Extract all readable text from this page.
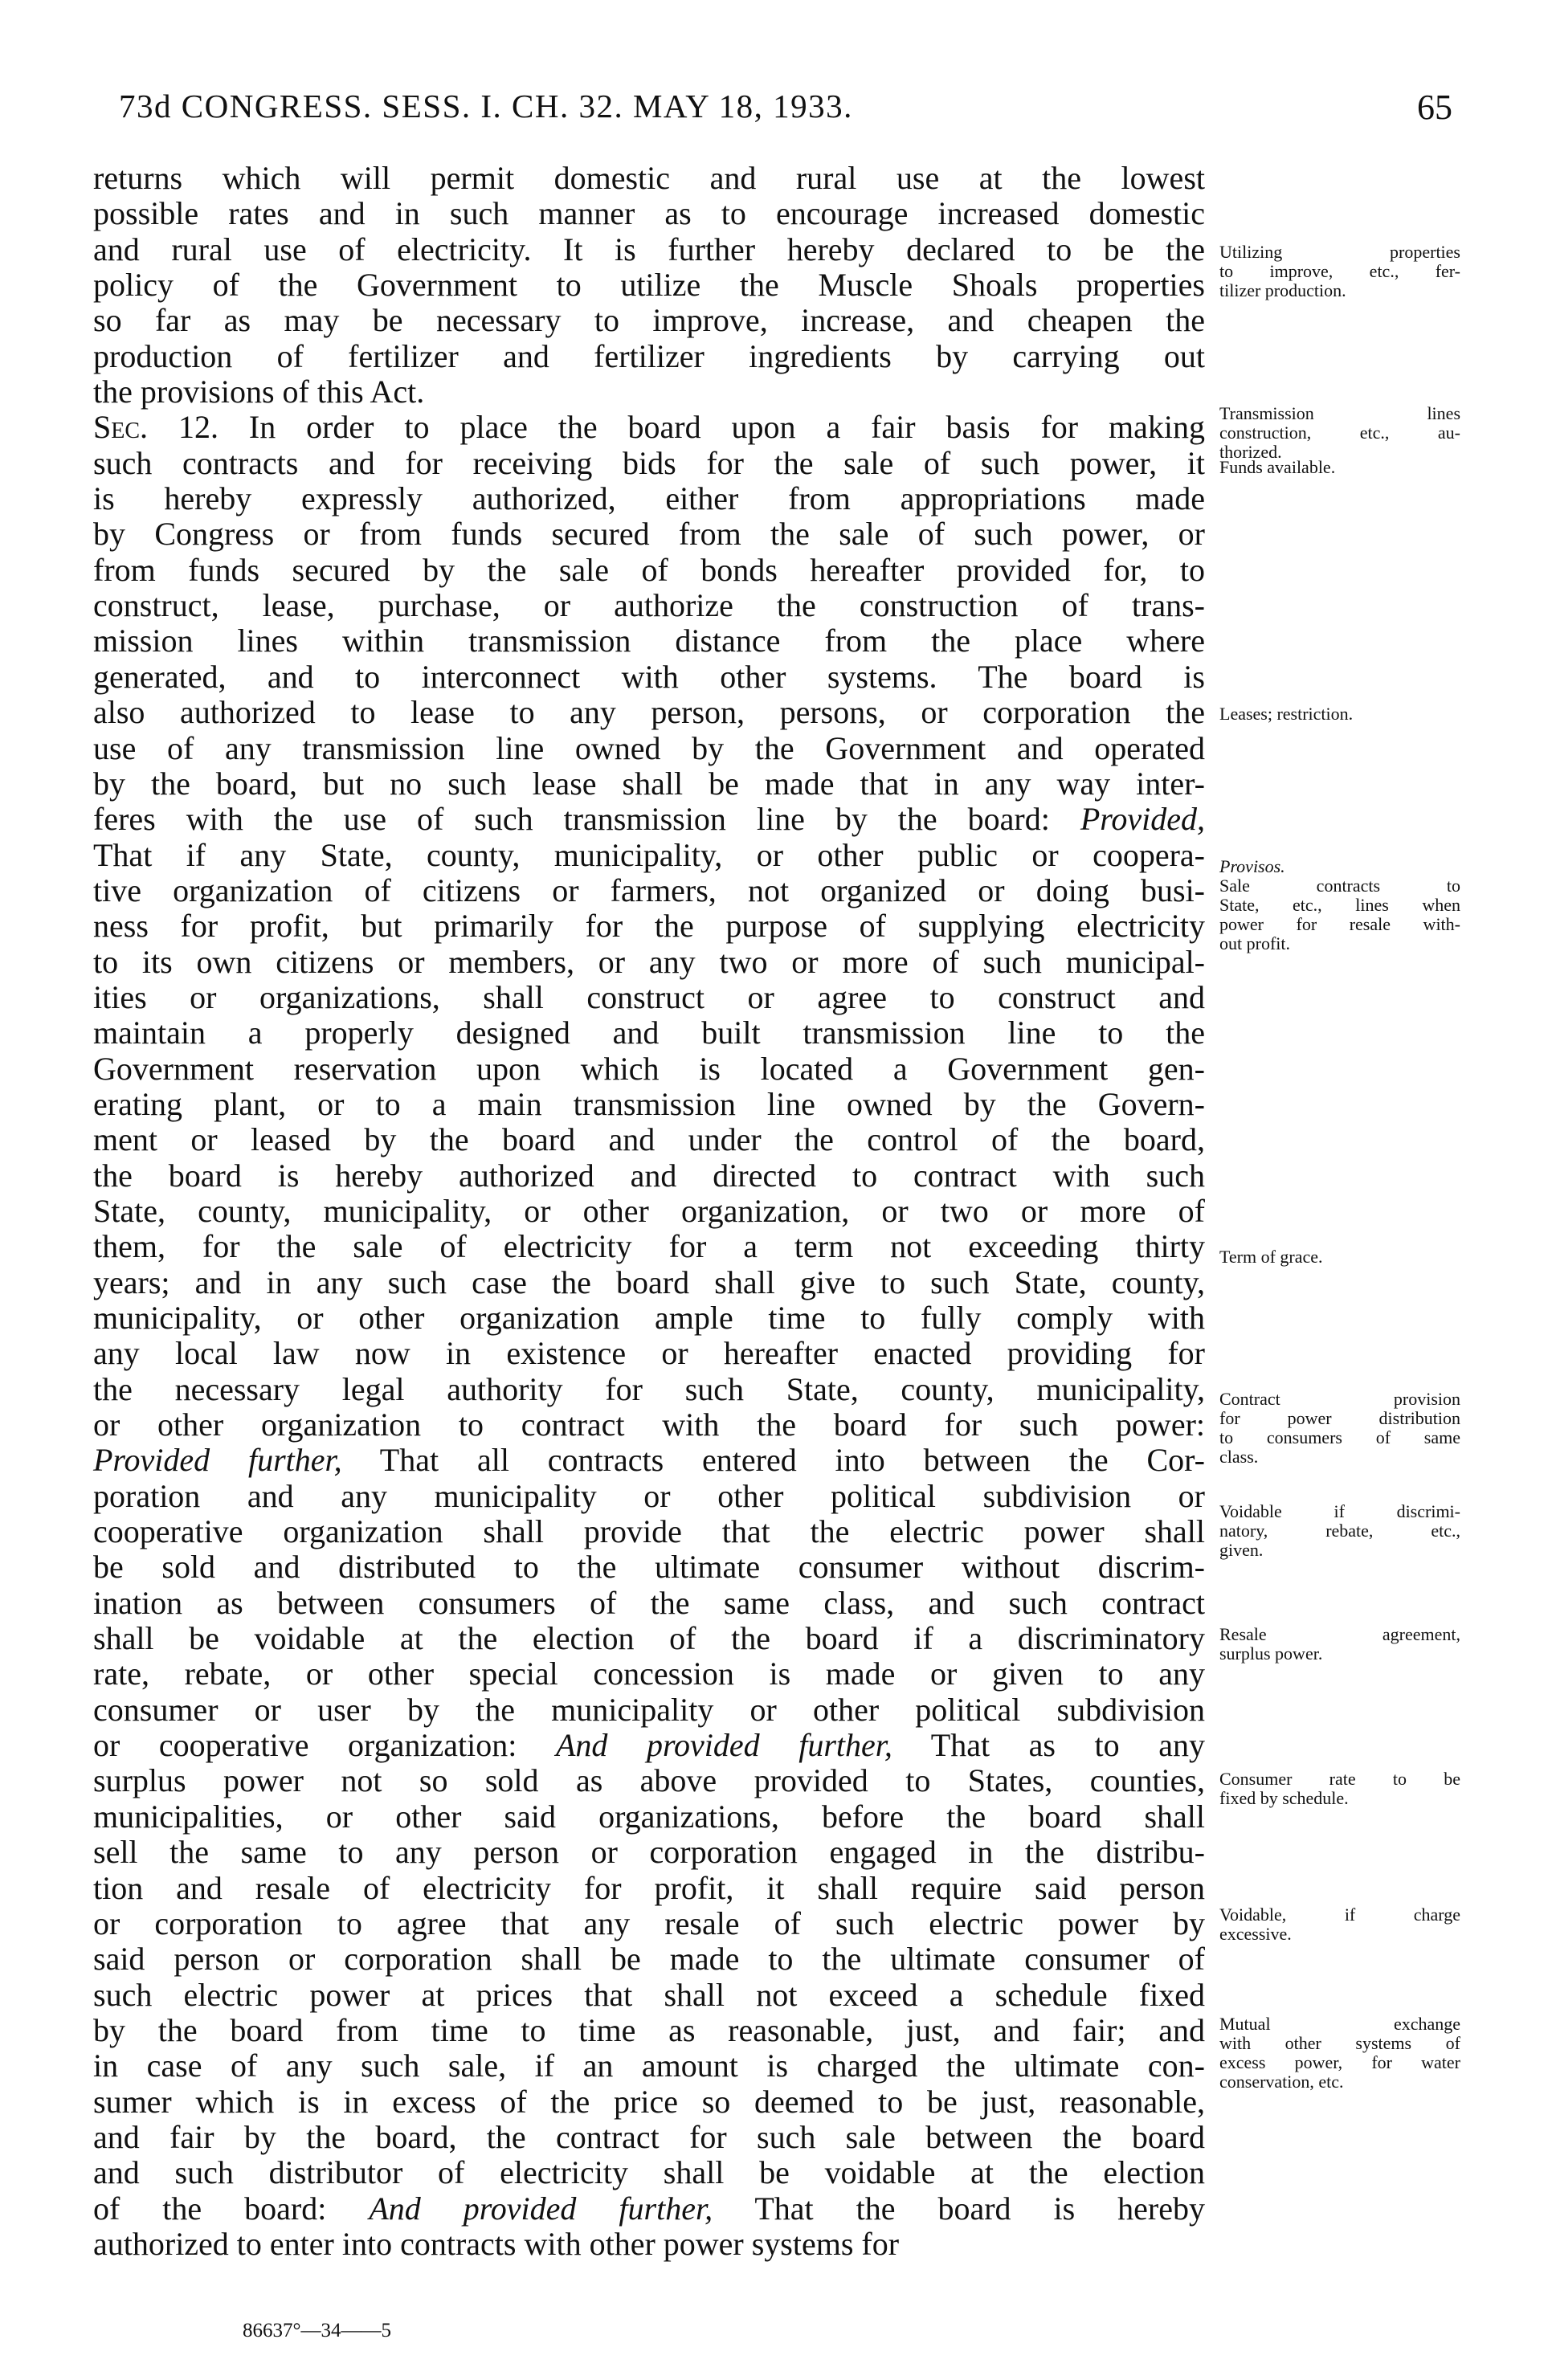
73d CONGRESS. SESS. I. CH. 32. MAY 18, 1933.	65
returns which will permit domestic and rural use at the lowest
possible rates and in such manner as to encourage increased domestic
and rural use of electricity. It is further hereby declared to be the
policy of the Government to utilize the Muscle Shoals properties
so far as may be necessary to improve, increase, and cheapen the
production of fertilizer and fertilizer ingredients by carrying out
the provisions of this Act.
Sec. 12. In order to place the board upon a fair basis for making
such contracts and for receiving bids for the sale of such power, it
is hereby expressly authorized, either from appropriations made
by Congress or from funds secured from the sale of such power, or
from funds secured by the sale of bonds hereafter provided for, to
construct, lease, purchase, or authorize the construction of trans-
mission lines within transmission distance from the place where
generated, and to interconnect with other systems. The board is
also authorized to lease to any person, persons, or corporation the
use of any transmission line owned by the Government and operated
by the board, but no such lease shall be made that in any way inter-
feres with the use of such transmission line by the board: Provided,
That if any State, county, municipality, or other public or coopera-
tive organization of citizens or farmers, not organized or doing busi-
ness for profit, but primarily for the purpose of supplying electricity
to its own citizens or members, or any two or more of such municipal-
ities or organizations, shall construct or agree to construct and
maintain a properly designed and built transmission line to the
Government reservation upon which is located a Government gen-
erating plant, or to a main transmission line owned by the Govern-
ment or leased by the board and under the control of the board,
the board is hereby authorized and directed to contract with such
State, county, municipality, or other organization, or two or more of
them, for the sale of electricity for a term not exceeding thirty
years; and in any such case the board shall give to such State, county,
municipality, or other organization ample time to fully comply with
any local law now in existence or hereafter enacted providing for
the necessary legal authority for such State, county, municipality,
or other organization to contract with the board for such power:
Provided further, That all contracts entered into between the Cor-
poration and any municipality or other political subdivision or
cooperative organization shall provide that the electric power shall
be sold and distributed to the ultimate consumer without discrim-
ination as between consumers of the same class, and such contract
shall be voidable at the election of the board if a discriminatory
rate, rebate, or other special concession is made or given to any
consumer or user by the municipality or other political subdivision
or cooperative organization: And provided further, That as to any
surplus power not so sold as above provided to States, counties,
municipalities, or other said organizations, before the board shall
sell the same to any person or corporation engaged in the distribu-
tion and resale of electricity for profit, it shall require said person
or corporation to agree that any resale of such electric power by
said person or corporation shall be made to the ultimate consumer of
such electric power at prices that shall not exceed a schedule fixed
by the board from time to time as reasonable, just, and fair; and
in case of any such sale, if an amount is charged the ultimate con-
sumer which is in excess of the price so deemed to be just, reasonable,
and fair by the board, the contract for such sale between the board
and such distributor of electricity shall be voidable at the election
of the board: And provided further, That the board is hereby
authorized to enter into contracts with other power systems for
Utilizing properties
to improve, etc., fer-
tilizer production.
Transmission lines
construction, etc., au-
thorized.
Funds available.
Leases; restriction.
Provisos.
Sale contracts to
State, etc., lines when
power for resale with-
out profit.
Term of grace.
Contract provision
for power distribution
to consumers of same
class.
Voidable if discrimi-
natory, rebate, etc.,
given.
Resale agreement,
surplus power.
Consumer rate to be
fixed by schedule.
Voidable, if charge
excessive.
Mutual exchange
with other systems of
excess power, for water
conservation, etc.
86637°—34——5
